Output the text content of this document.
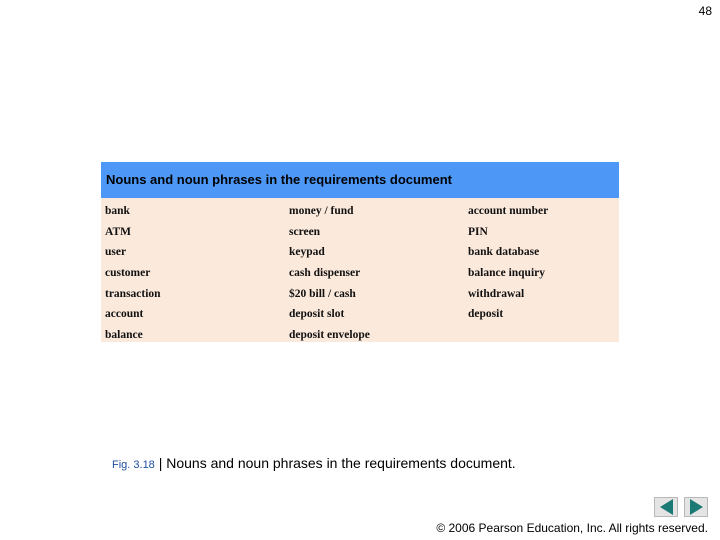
48
Nouns and noun phrases in the requirements document
bank
ATM
user
customer
transaction
account
balance
money / fund
screen
keypad
cash dispenser
$20 bill / cash
deposit slot
deposit envelope
account number
PIN
bank database
balance inquiry
withdrawal
deposit
Fig. 3.18 | Nouns and noun phrases in the requirements document.
© 2006 Pearson Education, Inc. All rights reserved.
